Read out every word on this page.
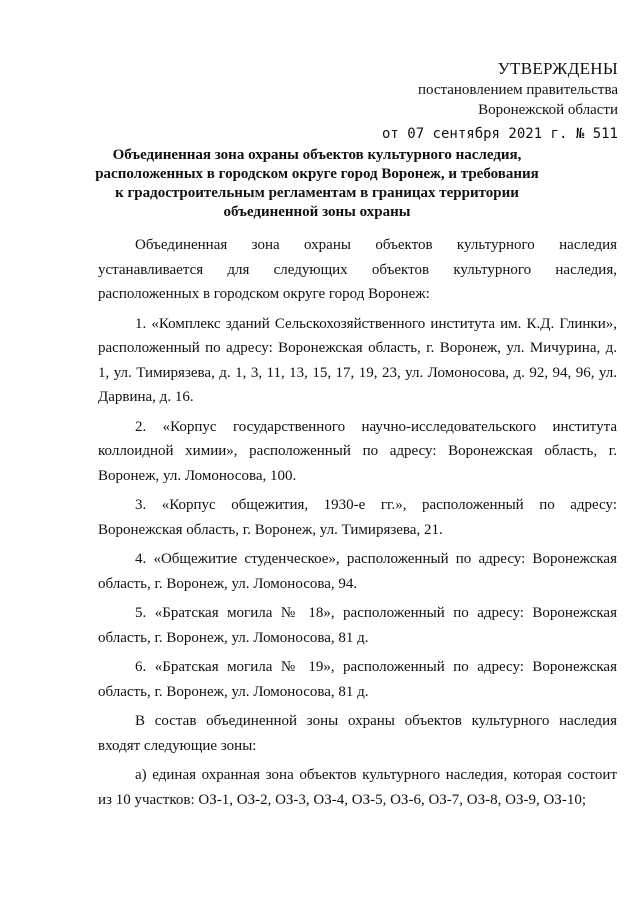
УТВЕРЖДЕНЫ
постановлением правительства
Воронежской области
от 07 сентября 2021 г. № 511
Объединенная зона охраны объектов культурного наследия, расположенных в городском округе город Воронеж, и требования к градостроительным регламентам в границах территории объединенной зоны охраны

Объединенная зона охраны объектов культурного наследия устанавливается для следующих объектов культурного наследия, расположенных в городском округе город Воронеж:

1. «Комплекс зданий Сельскохозяйственного института им. К.Д. Глинки», расположенный по адресу: Воронежская область, г. Воронеж, ул. Мичурина, д. 1, ул. Тимирязева, д. 1, 3, 11, 13, 15, 17, 19, 23, ул. Ломоносова, д. 92, 94, 96, ул. Дарвина, д. 16.

2. «Корпус государственного научно-исследовательского института коллоидной химии», расположенный по адресу: Воронежская область, г. Воронеж, ул. Ломоносова, 100.

3. «Корпус общежития, 1930-е гг.», расположенный по адресу: Воронежская область, г. Воронеж, ул. Тимирязева, 21.

4. «Общежитие студенческое», расположенный по адресу: Воронежская область, г. Воронеж, ул. Ломоносова, 94.

5. «Братская могила № 18», расположенный по адресу: Воронежская область, г. Воронеж, ул. Ломоносова, 81 д.

6. «Братская могила № 19», расположенный по адресу: Воронежская область, г. Воронеж, ул. Ломоносова, 81 д.

В состав объединенной зоны охраны объектов культурного наследия входят следующие зоны:

а) единая охранная зона объектов культурного наследия, которая состоит из 10 участков: ОЗ-1, ОЗ-2, ОЗ-3, ОЗ-4, ОЗ-5, ОЗ-6, ОЗ-7, ОЗ-8, ОЗ-9, ОЗ-10;
